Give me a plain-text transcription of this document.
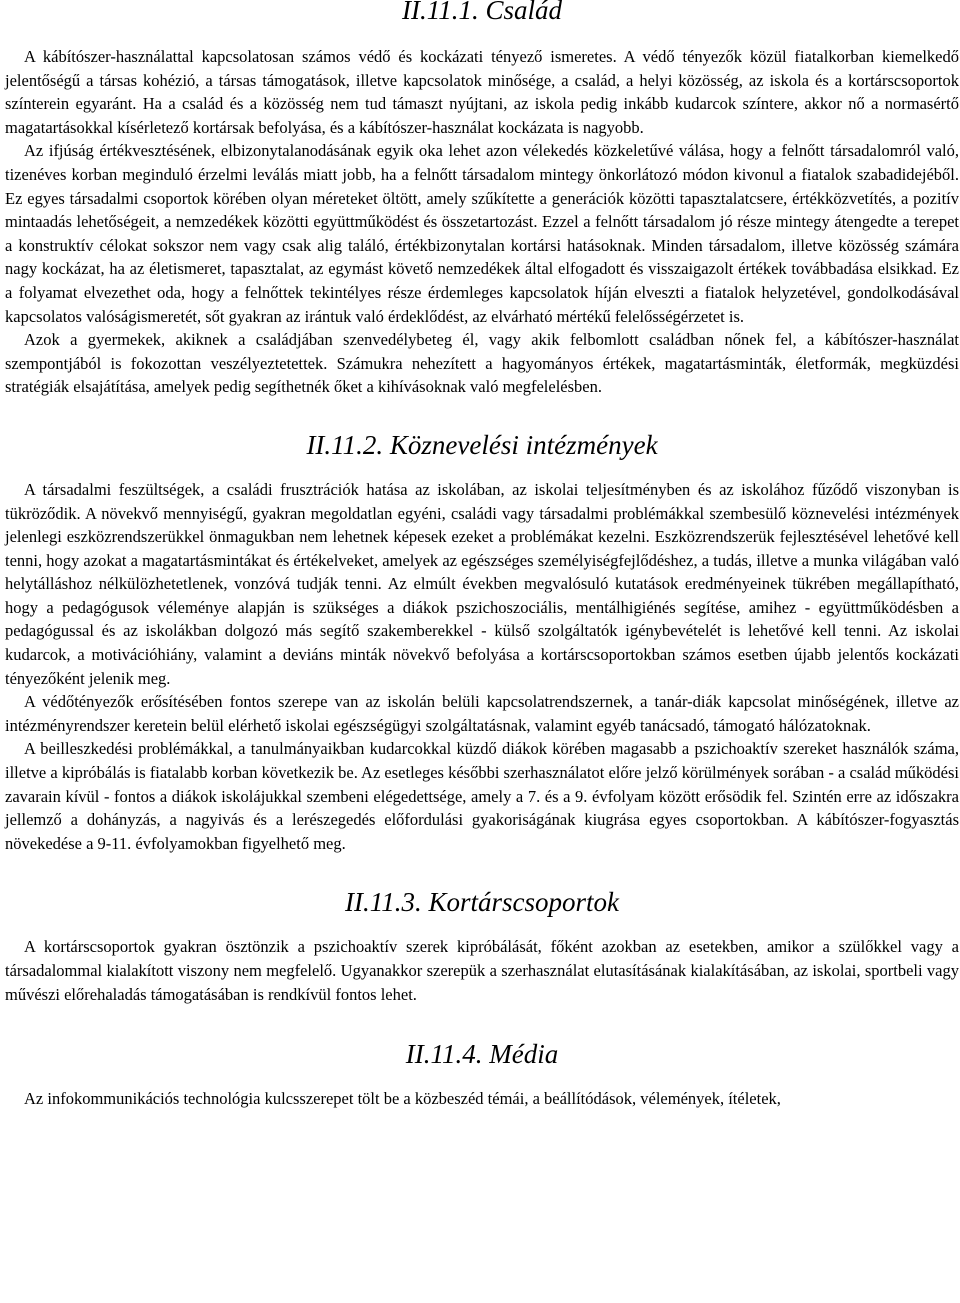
II.11.1. Család

A kábítószer-használattal kapcsolatosan számos védő és kockázati tényező ismeretes. A védő tényezők közül fiatalkorban kiemelkedő jelentőségű a társas kohézió, a társas támogatások, illetve kapcsolatok minősége, a család, a helyi közösség, az iskola és a kortárscsoportok színterein egyaránt. Ha a család és a közösség nem tud támaszt nyújtani, az iskola pedig inkább kudarcok színtere, akkor nő a normasértő magatartásokkal kísérletező kortársak befolyása, és a kábítószer-használat kockázata is nagyobb.

Az ifjúság értékvesztésének, elbizonytalanodásának egyik oka lehet azon vélekedés közkeletűvé válása, hogy a felnőtt társadalomról való, tizenéves korban meginduló érzelmi leválás miatt jobb, ha a felnőtt társadalom mintegy önkorlátozó módon kivonul a fiatalok szabadidejéből. Ez egyes társadalmi csoportok körében olyan méreteket öltött, amely szűkítette a generációk közötti tapasztalatcsere, értékközvetítés, a pozitív mintaadás lehetőségeit, a nemzedékek közötti együttműködést és összetartozást. Ezzel a felnőtt társadalom jó része mintegy átengedte a terepet a konstruktív célokat sokszor nem vagy csak alig találó, értékbizonytalan kortársi hatásoknak. Minden társadalom, illetve közösség számára nagy kockázat, ha az életismeret, tapasztalat, az egymást követő nemzedékek által elfogadott és visszaigazolt értékek továbbadása elsikkad. Ez a folyamat elvezethet oda, hogy a felnőttek tekintélyes része érdemleges kapcsolatok híján elveszti a fiatalok helyzetével, gondolkodásával kapcsolatos valóságismeretét, sőt gyakran az irántuk való érdeklődést, az elvárható mértékű felelősségérzetet is.

Azok a gyermekek, akiknek a családjában szenvedélybeteg él, vagy akik felbomlott családban nőnek fel, a kábítószer-használat szempontjából is fokozottan veszélyeztetettek. Számukra nehezített a hagyományos értékek, magatartásminták, életformák, megküzdési stratégiák elsajátítása, amelyek pedig segíthetnék őket a kihívásoknak való megfelelésben.

II.11.2. Köznevelési intézmények

A társadalmi feszültségek, a családi frusztrációk hatása az iskolában, az iskolai teljesítményben és az iskolához fűződő viszonyban is tükröződik. A növekvő mennyiségű, gyakran megoldatlan egyéni, családi vagy társadalmi problémákkal szembesülő köznevelési intézmények jelenlegi eszközrendszerükkel önmagukban nem lehetnek képesek ezeket a problémákat kezelni. Eszközrendszerük fejlesztésével lehetővé kell tenni, hogy azokat a magatartásmintákat és értékelveket, amelyek az egészséges személyiségfejlődéshez, a tudás, illetve a munka világában való helytálláshoz nélkülözhetetlenek, vonzóvá tudják tenni. Az elmúlt években megvalósuló kutatások eredményeinek tükrében megállapítható, hogy a pedagógusok véleménye alapján is szükséges a diákok pszichoszociális, mentálhigiénés segítése, amihez - együttműködésben a pedagógussal és az iskolákban dolgozó más segítő szakemberekkel - külső szolgáltatók igénybevételét is lehetővé kell tenni. Az iskolai kudarcok, a motivációhiány, valamint a deviáns minták növekvő befolyása a kortárscsoportokban számos esetben újabb jelentős kockázati tényezőként jelenik meg.

A védőtényezők erősítésében fontos szerepe van az iskolán belüli kapcsolatrendszernek, a tanár-diák kapcsolat minőségének, illetve az intézményrendszer keretein belül elérhető iskolai egészségügyi szolgáltatásnak, valamint egyéb tanácsadó, támogató hálózatoknak.

A beilleszkedési problémákkal, a tanulmányaikban kudarcokkal küzdő diákok körében magasabb a pszichoaktív szereket használók száma, illetve a kipróbálás is fiatalabb korban következik be. Az esetleges későbbi szerhasználatot előre jelző körülmények sorában - a család működési zavarain kívül - fontos a diákok iskolájukkal szembeni elégedettsége, amely a 7. és a 9. évfolyam között erősödik fel. Szintén erre az időszakra jellemző a dohányzás, a nagyivás és a lerészegedés előfordulási gyakoriságának kiugrása egyes csoportokban. A kábítószer-fogyasztás növekedése a 9-11. évfolyamokban figyelhető meg.

II.11.3. Kortárscsoportok

A kortárscsoportok gyakran ösztönzik a pszichoaktív szerek kipróbálását, főként azokban az esetekben, amikor a szülőkkel vagy a társadalommal kialakított viszony nem megfelelő. Ugyanakkor szerepük a szerhasználat elutasításának kialakításában, az iskolai, sportbeli vagy művészi előrehaladás támogatásában is rendkívül fontos lehet.

II.11.4. Média

Az infokommunikációs technológia kulcsszerepet tölt be a közbeszéd témái, a beállítódások, vélemények, ítéletek,
